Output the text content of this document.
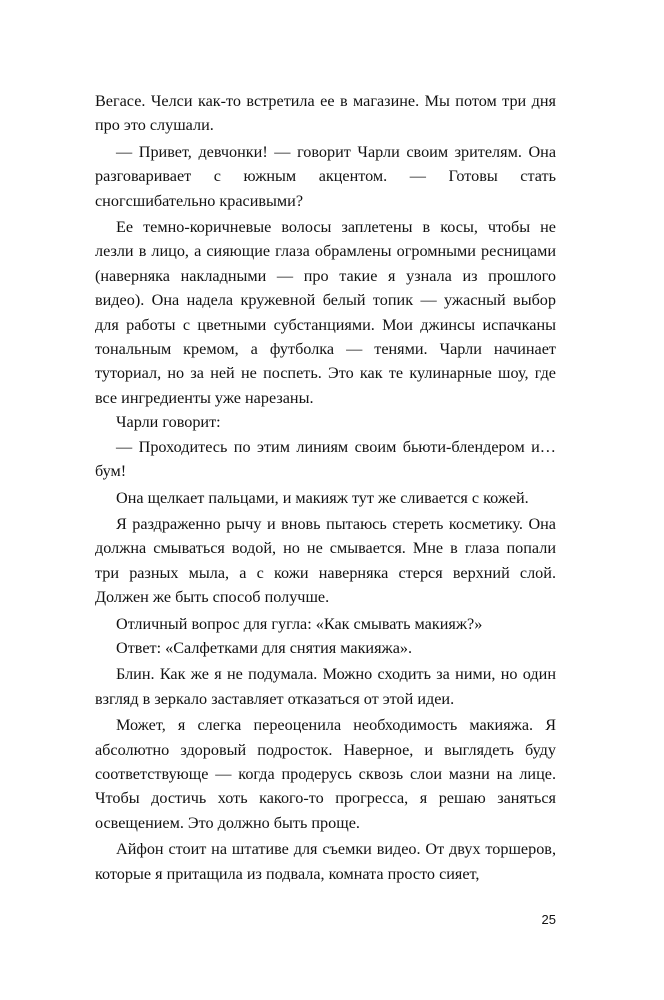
Вегасе. Челси как-то встретила ее в магазине. Мы потом три дня про это слушали.

— Привет, девчонки! — говорит Чарли своим зрителям. Она разговаривает с южным акцентом. — Готовы стать сногсшибательно красивыми?

Ее темно-коричневые волосы заплетены в косы, чтобы не лезли в лицо, а сияющие глаза обрамлены огромными ресницами (наверняка накладными — про такие я узнала из прошлого видео). Она надела кружевной белый топик — ужасный выбор для работы с цветными субстанциями. Мои джинсы испачканы тональным кремом, а футболка — тенями. Чарли начинает туториал, но за ней не поспеть. Это как те кулинарные шоу, где все ингредиенты уже нарезаны.

Чарли говорит:

— Проходитесь по этим линиям своим бьюти-блендером и… бум!

Она щелкает пальцами, и макияж тут же сливается с кожей.

Я раздраженно рычу и вновь пытаюсь стереть косметику. Она должна смываться водой, но не смывается. Мне в глаза попали три разных мыла, а с кожи наверняка стерся верхний слой. Должен же быть способ получше.

Отличный вопрос для гугла: «Как смывать макияж?»

Ответ: «Салфетками для снятия макияжа».

Блин. Как же я не подумала. Можно сходить за ними, но один взгляд в зеркало заставляет отказаться от этой идеи.

Может, я слегка переоценила необходимость макияжа. Я абсолютно здоровый подросток. Наверное, и выглядеть буду соответствующе — когда продерусь сквозь слои мазни на лице. Чтобы достичь хоть какого-то прогресса, я решаю заняться освещением. Это должно быть проще.

Айфон стоит на штативе для съемки видео. От двух торшеров, которые я притащила из подвала, комната просто сияет,

25
